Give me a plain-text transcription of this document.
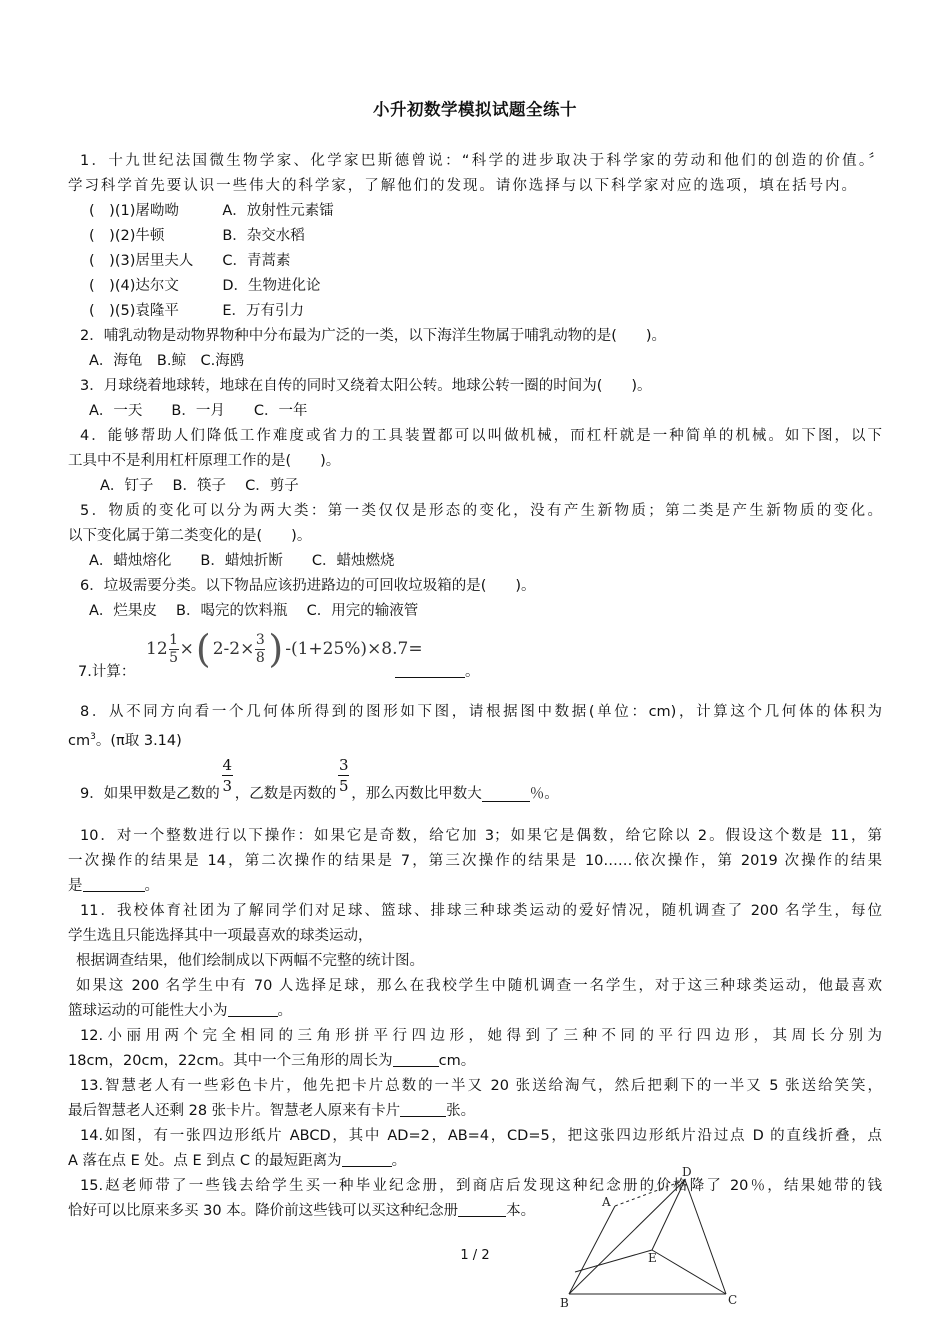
小升初数学模拟试题全练十
1．十九世纪法国微生物学家、化学家巴斯德曾说：“科学的进步取决于科学家的劳动和他们的创造的价值。〞
学习科学首先要认识一些伟大的科学家，了解他们的发现。请你选择与以下科学家对应的选项，填在括号内。
(　)(1)屠呦呦　　　A．放射性元素镭
(　)(2)牛顿　　　　B．杂交水稻
(　)(3)居里夫人　　C．青蒿素
(　)(4)达尔文　　　D．生物进化论
(　)(5)袁隆平　　　E．万有引力
2．哺乳动物是动物界物种中分布最为广泛的一类，以下海洋生物属于哺乳动物的是(　　)。
A．海龟　B.鲸　C.海鸥
3．月球绕着地球转，地球在自传的同时又绕着太阳公转。地球公转一圈的时间为(　　)。
A．一天　　B．一月　　C．一年
4．能够帮助人们降低工作难度或省力的工具装置都可以叫做机械，而杠杆就是一种简单的机械。如下图，以下
工具中不是利用杠杆原理工作的是(　　)。
A．钉子　 B．筷子　 C．剪子
5．物质的变化可以分为两大类：第一类仅仅是形态的变化，没有产生新物质；第二类是产生新物质的变化。
以下变化属于第二类变化的是(　　)。
A．蜡烛熔化　　B．蜡烛折断　　C．蜡烛燃烧
6．垃圾需要分类。以下物品应该扔进路边的可回收垃圾箱的是(　　)。
A．烂果皮　 B．喝完的饮料瓶　 C．用完的输液管
12 1
5 × ( 2-2 × 3
8 ) - (1+25%) ×8.7=
7.计算：	。
8．从不同方向看一个几何体所得到的图形如下图，请根据图中数据(单位：cm)，计算这个几何体的体积为
$cm^3$。(π取 3.14)
9．如果甲数是乙数的 $\frac{4}{3}$ ，乙数是丙数的 $\frac{3}{5}$ ，那么丙数比甲数大	％。
10．对一个整数进行以下操作：如果它是奇数，给它加 3；如果它是偶数，给它除以 2。假设这个数是 11，第
一次操作的结果是 14，第二次操作的结果是 7，第三次操作的结果是 10……依次操作，第 2019 次操作的结果
是	。
11．我校体育社团为了解同学们对足球、篮球、排球三种球类运动的爱好情况，随机调查了 200 名学生，每位
学生选且只能选择其中一项最喜欢的球类运动，
根据调查结果，他们绘制成以下两幅不完整的统计图。
如果这 200 名学生中有 70 人选择足球，那么在我校学生中随机调查一名学生，对于这三种球类运动，他最喜欢
篮球运动的可能性大小为	。
12.小丽用两个完全相同的三角形拼平行四边形，她得到了三种不同的平行四边形，其周长分别为
18cm，20cm，22cm。其中一个三角形的周长为	cm。
13.智慧老人有一些彩色卡片，他先把卡片总数的一半又 20 张送给淘气，然后把剩下的一半又 5 张送给笑笑，
最后智慧老人还剩 28 张卡片。智慧老人原来有卡片	张。
14.如图，有一张四边形纸片 ABCD，其中 AD=2，AB=4，CD=5，把这张四边形纸片沿过点 D 的直线折叠，点
A 落在点 E 处。点 E 到点 C 的最短距离为	。
15.赵老师带了一些钱去给学生买一种毕业纪念册，到商店后发现这种纪念册的价格降了 20％，结果她带的钱
恰好可以比原来多买 30 本。降价前这些钱可以买这种纪念册	本。
A
B	C
D
E
1 / 2
